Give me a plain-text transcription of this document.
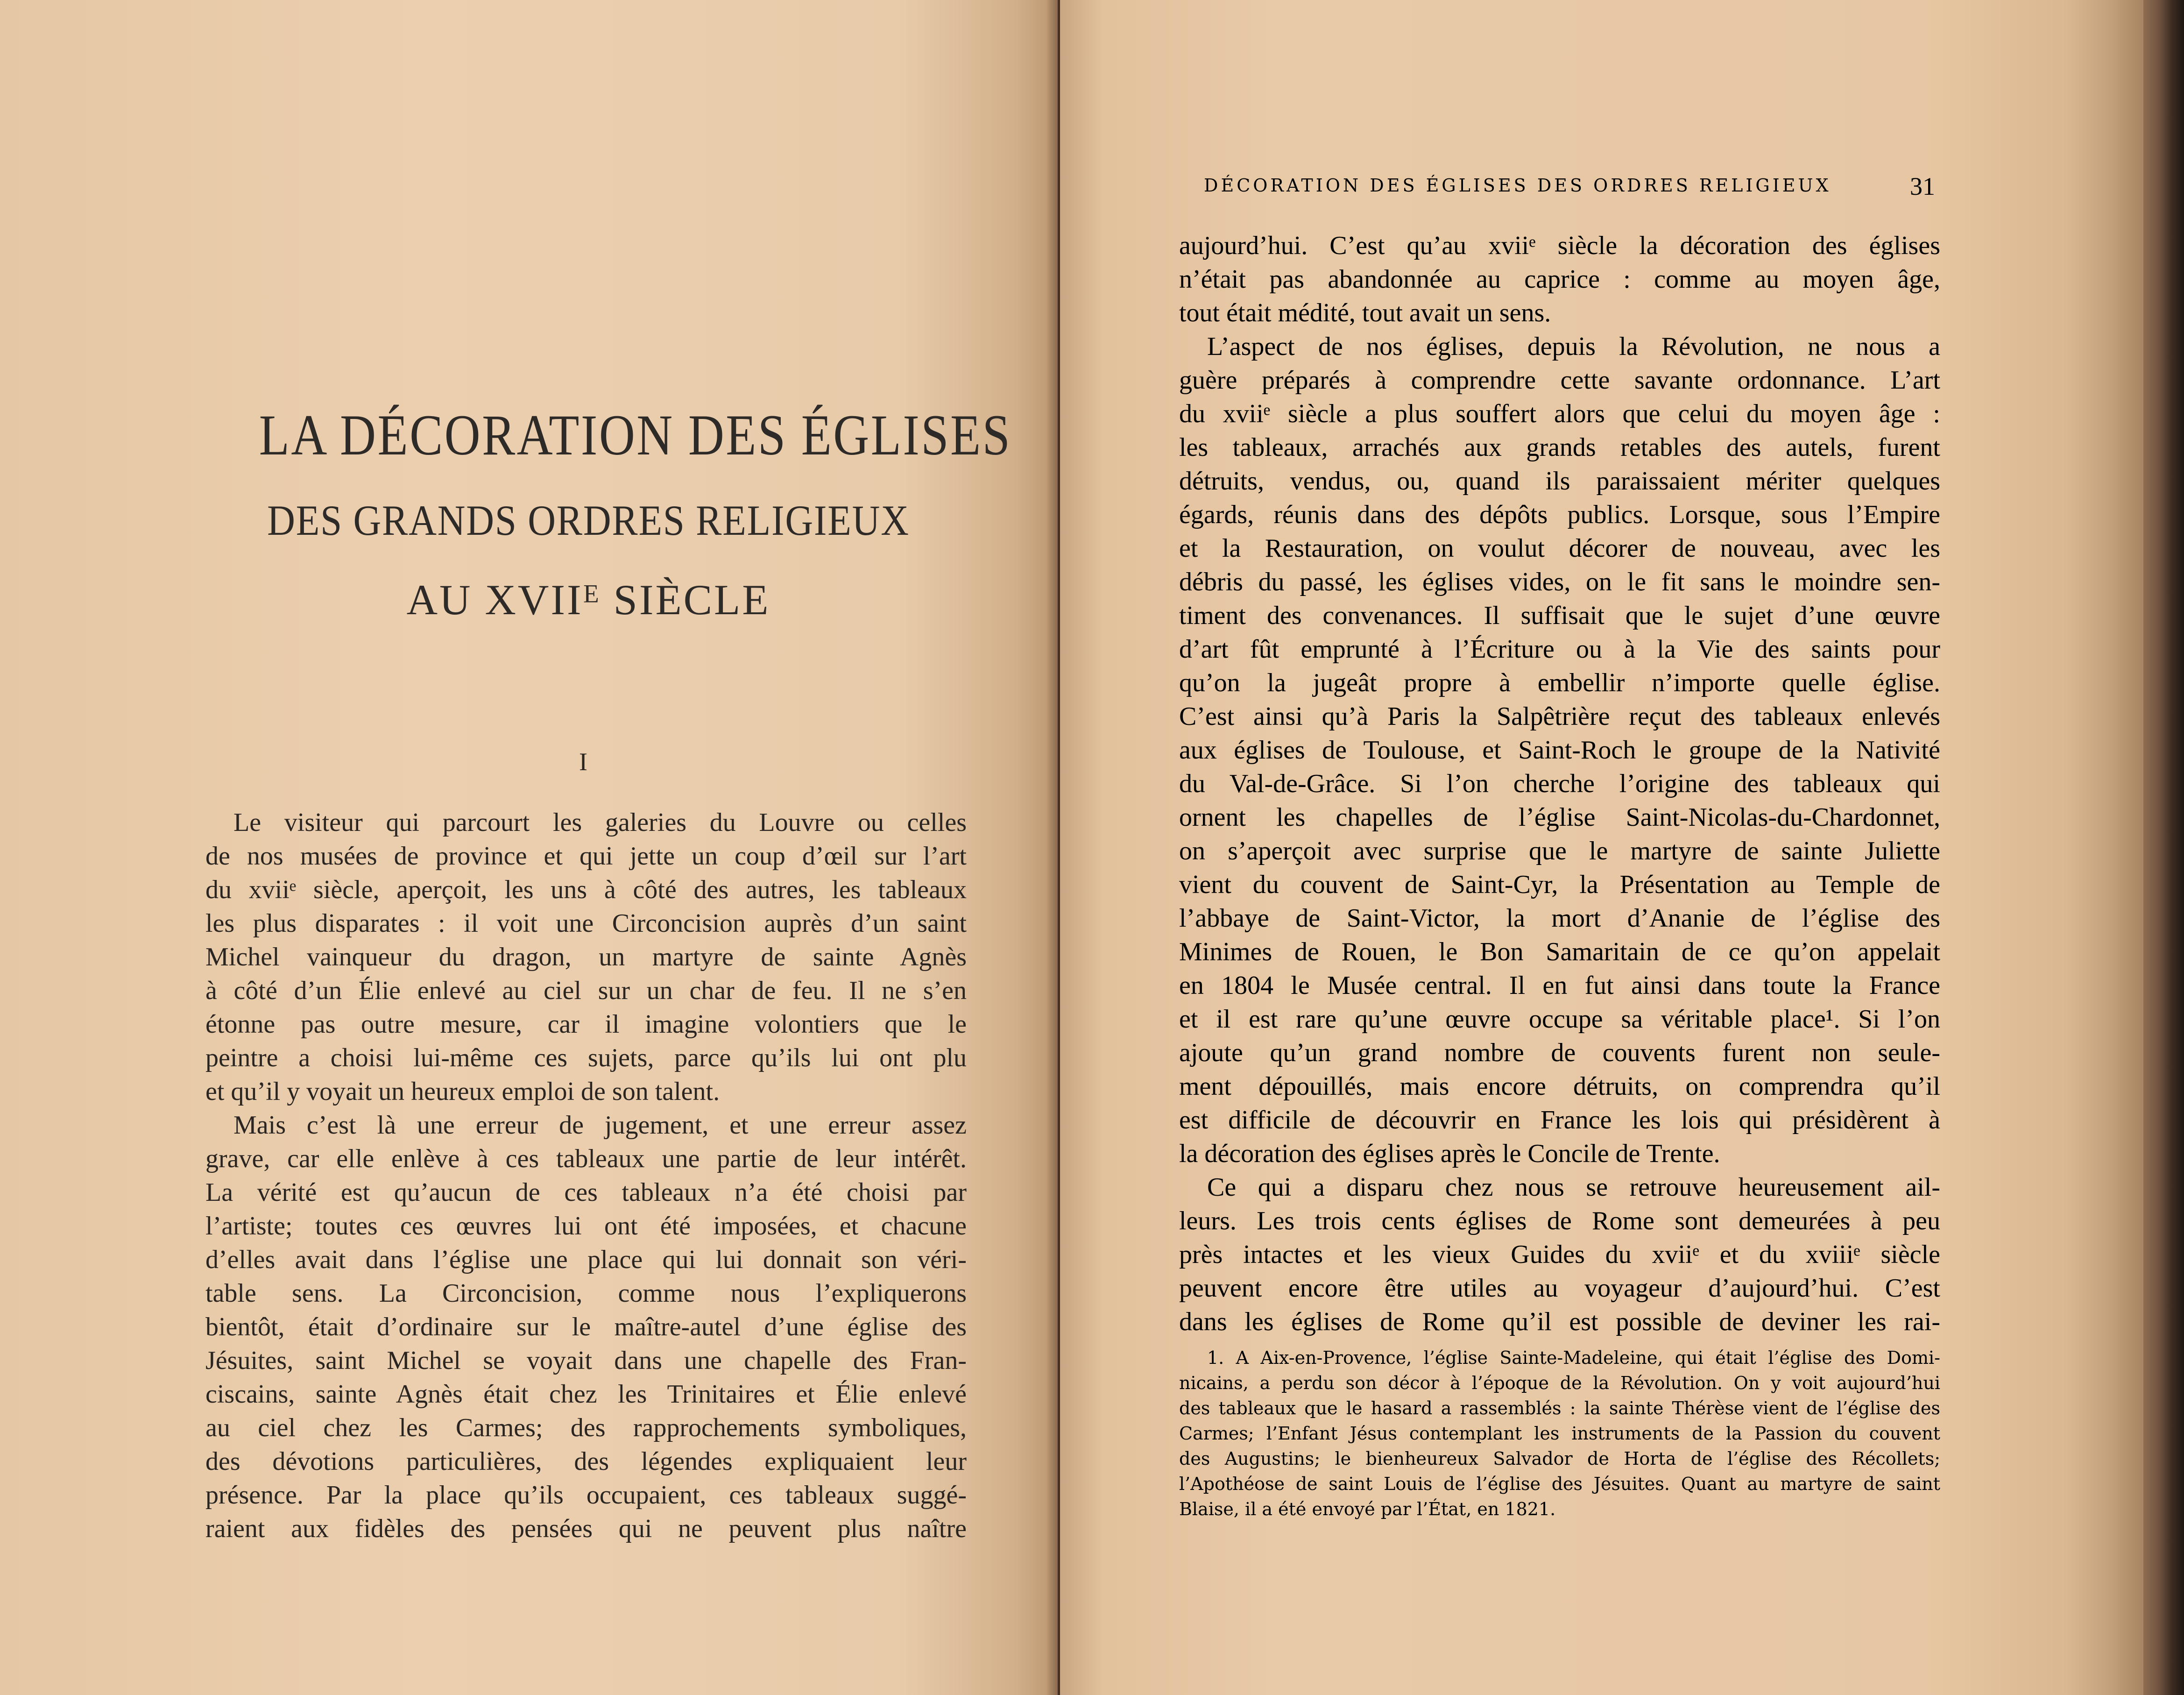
LA DÉCORATION DES ÉGLISES
DES GRANDS ORDRES RELIGIEUX
AU XVIIᴱ SIÈCLE
I
Le visiteur qui parcourt les galeries du Louvre ou celles
de nos musées de province et qui jette un coup d’œil sur l’art
du xviiᵉ siècle, aperçoit, les uns à côté des autres, les tableaux
les plus disparates : il voit une Circoncision auprès d’un saint
Michel vainqueur du dragon, un martyre de sainte Agnès
à côté d’un Élie enlevé au ciel sur un char de feu. Il ne s’en
étonne pas outre mesure, car il imagine volontiers que le
peintre a choisi lui-même ces sujets, parce qu’ils lui ont plu
et qu’il y voyait un heureux emploi de son talent.
Mais c’est là une erreur de jugement, et une erreur assez
grave, car elle enlève à ces tableaux une partie de leur intérêt.
La vérité est qu’aucun de ces tableaux n’a été choisi par
l’artiste; toutes ces œuvres lui ont été imposées, et chacune
d’elles avait dans l’église une place qui lui donnait son véri-
table sens. La Circoncision, comme nous l’expliquerons
bientôt, était d’ordinaire sur le maître-autel d’une église des
Jésuites, saint Michel se voyait dans une chapelle des Fran-
ciscains, sainte Agnès était chez les Trinitaires et Élie enlevé
au ciel chez les Carmes; des rapprochements symboliques,
des dévotions particulières, des légendes expliquaient leur
présence. Par la place qu’ils occupaient, ces tableaux suggé-
raient aux fidèles des pensées qui ne peuvent plus naître
DÉCORATION DES ÉGLISES DES ORDRES RELIGIEUX	31
aujourd’hui. C’est qu’au xviiᵉ siècle la décoration des églises
n’était pas abandonnée au caprice : comme au moyen âge,
tout était médité, tout avait un sens.
L’aspect de nos églises, depuis la Révolution, ne nous a
guère préparés à comprendre cette savante ordonnance. L’art
du xviiᵉ siècle a plus souffert alors que celui du moyen âge :
les tableaux, arrachés aux grands retables des autels, furent
détruits, vendus, ou, quand ils paraissaient mériter quelques
égards, réunis dans des dépôts publics. Lorsque, sous l’Empire
et la Restauration, on voulut décorer de nouveau, avec les
débris du passé, les églises vides, on le fit sans le moindre sen-
timent des convenances. Il suffisait que le sujet d’une œuvre
d’art fût emprunté à l’Écriture ou à la Vie des saints pour
qu’on la jugeât propre à embellir n’importe quelle église.
C’est ainsi qu’à Paris la Salpêtrière reçut des tableaux enlevés
aux églises de Toulouse, et Saint-Roch le groupe de la Nativité
du Val-de-Grâce. Si l’on cherche l’origine des tableaux qui
ornent les chapelles de l’église Saint-Nicolas-du-Chardonnet,
on s’aperçoit avec surprise que le martyre de sainte Juliette
vient du couvent de Saint-Cyr, la Présentation au Temple de
l’abbaye de Saint-Victor, la mort d’Ananie de l’église des
Minimes de Rouen, le Bon Samaritain de ce qu’on appelait
en 1804 le Musée central. Il en fut ainsi dans toute la France
et il est rare qu’une œuvre occupe sa véritable place¹. Si l’on
ajoute qu’un grand nombre de couvents furent non seule-
ment dépouillés, mais encore détruits, on comprendra qu’il
est difficile de découvrir en France les lois qui présidèrent à
la décoration des églises après le Concile de Trente.
Ce qui a disparu chez nous se retrouve heureusement ail-
leurs. Les trois cents églises de Rome sont demeurées à peu
près intactes et les vieux Guides du xviiᵉ et du xviiiᵉ siècle
peuvent encore être utiles au voyageur d’aujourd’hui. C’est
dans les églises de Rome qu’il est possible de deviner les rai-
1. A Aix-en-Provence, l’église Sainte-Madeleine, qui était l’église des Domi-
nicains, a perdu son décor à l’époque de la Révolution. On y voit aujourd’hui
des tableaux que le hasard a rassemblés : la sainte Thérèse vient de l’église des
Carmes; l’Enfant Jésus contemplant les instruments de la Passion du couvent
des Augustins; le bienheureux Salvador de Horta de l’église des Récollets;
l’Apothéose de saint Louis de l’église des Jésuites. Quant au martyre de saint
Blaise, il a été envoyé par l’État, en 1821.
